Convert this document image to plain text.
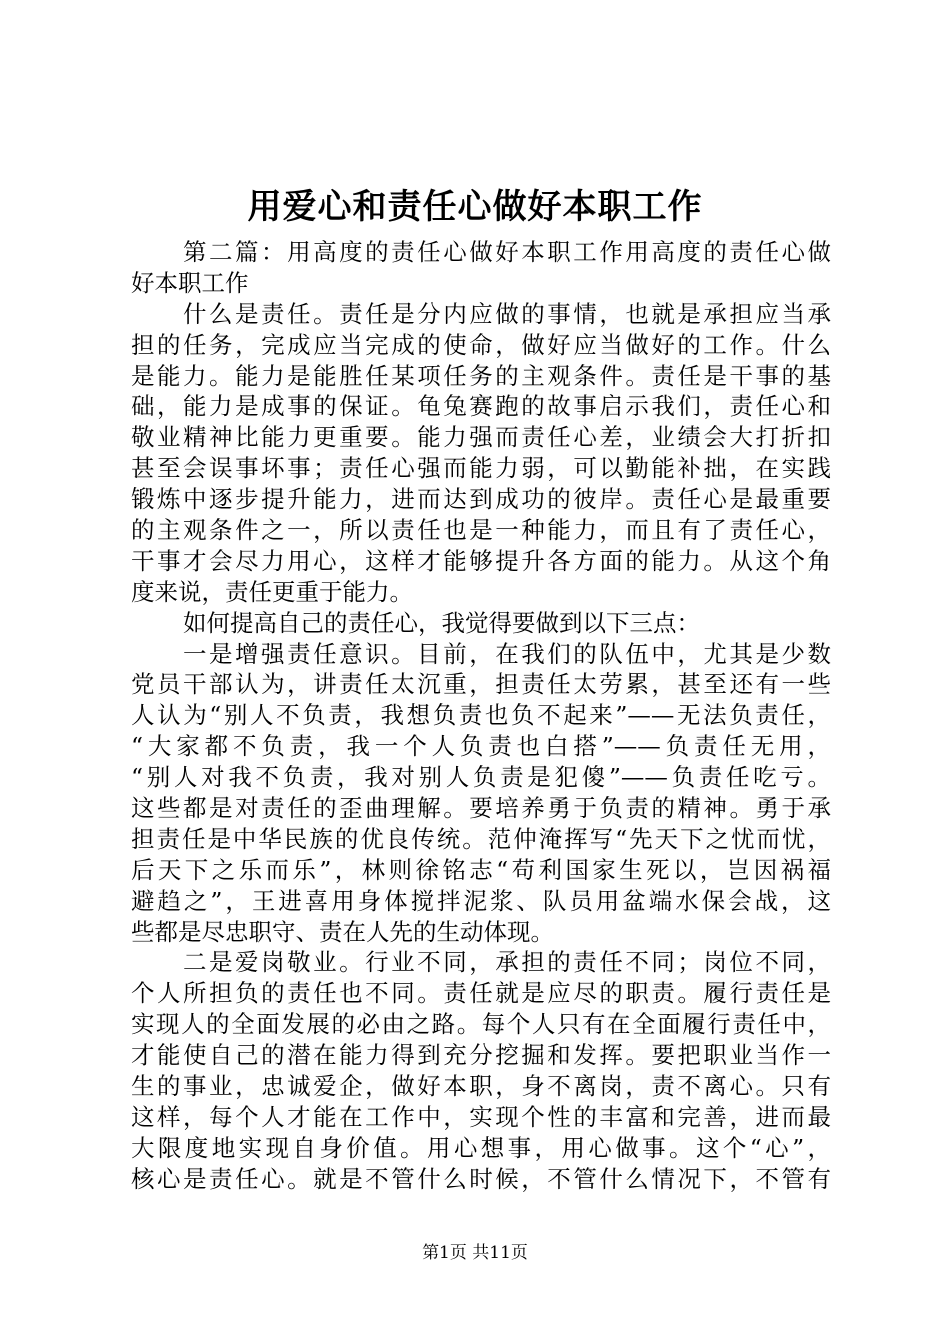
用爱心和责任心做好本职工作
第二篇：用高度的责任心做好本职工作用高度的责任心做
好本职工作
什么是责任。责任是分内应做的事情，也就是承担应当承
担的任务，完成应当完成的使命，做好应当做好的工作。什么
是能力。能力是能胜任某项任务的主观条件。责任是干事的基
础，能力是成事的保证。龟兔赛跑的故事启示我们，责任心和
敬业精神比能力更重要。能力强而责任心差，业绩会大打折扣
甚至会误事坏事；责任心强而能力弱，可以勤能补拙，在实践
锻炼中逐步提升能力，进而达到成功的彼岸。责任心是最重要
的主观条件之一，所以责任也是一种能力，而且有了责任心，
干事才会尽力用心，这样才能够提升各方面的能力。从这个角
度来说，责任更重于能力。
如何提高自己的责任心，我觉得要做到以下三点：
一是增强责任意识。目前，在我们的队伍中，尤其是少数
党员干部认为，讲责任太沉重，担责任太劳累，甚至还有一些
人认为“别人不负责，我想负责也负不起来”——无法负责任，
“大家都不负责，我一个人负责也白搭”——负责任无用，
“别人对我不负责，我对别人负责是犯傻”——负责任吃亏。
这些都是对责任的歪曲理解。要培养勇于负责的精神。勇于承
担责任是中华民族的优良传统。范仲淹挥写“先天下之忧而忧，
后天下之乐而乐”，林则徐铭志“苟利国家生死以，岂因祸福
避趋之”，王进喜用身体搅拌泥浆、队员用盆端水保会战，这
些都是尽忠职守、责在人先的生动体现。
二是爱岗敬业。行业不同，承担的责任不同；岗位不同，
个人所担负的责任也不同。责任就是应尽的职责。履行责任是
实现人的全面发展的必由之路。每个人只有在全面履行责任中，
才能使自己的潜在能力得到充分挖掘和发挥。要把职业当作一
生的事业，忠诚爱企，做好本职，身不离岗，责不离心。只有
这样，每个人才能在工作中，实现个性的丰富和完善，进而最
大限度地实现自身价值。用心想事，用心做事。这个“心”，
核心是责任心。就是不管什么时候，不管什么情况下，不管有
第1页 共11页
